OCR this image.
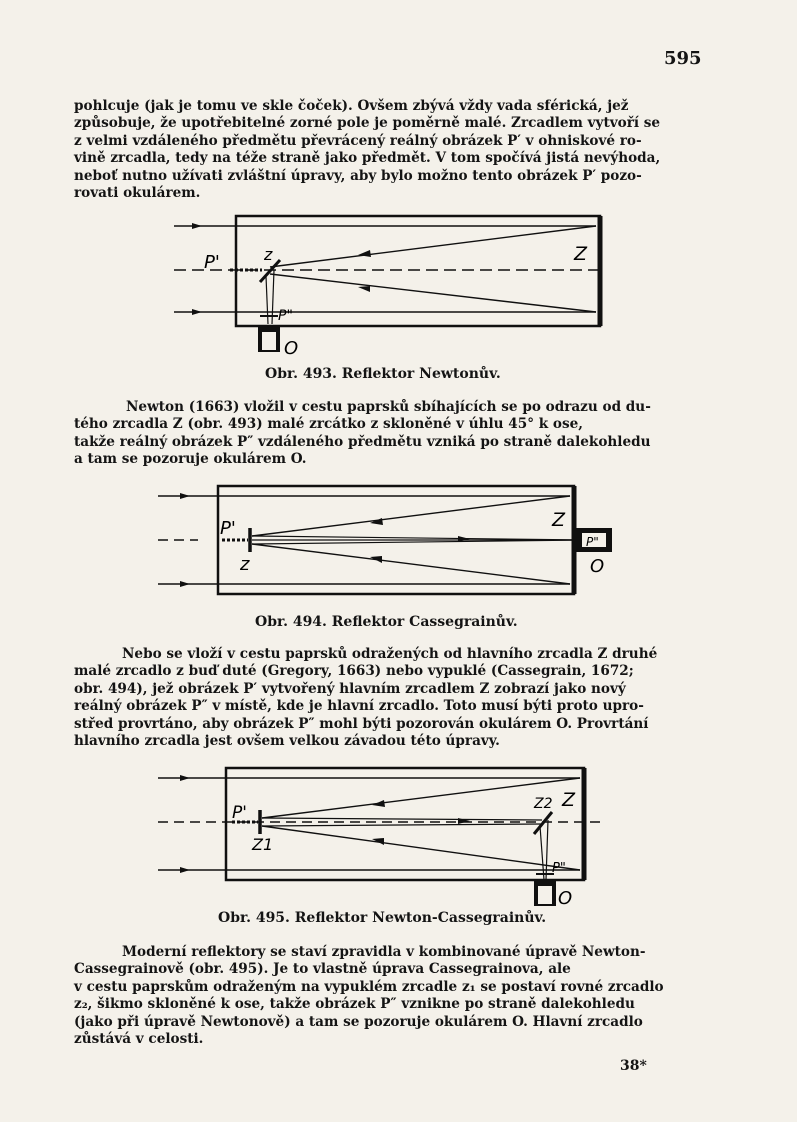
595

pohlcuje (jak je tomu ve skle čoček). Ovšem zbývá vždy vada sférická, jež
způsobuje, že upotřebitelné zorné pole je poměrně malé. Zrcadlem vytvoří se
z velmi vzdáleného předmětu převrácený reálný obrázek P′ v ohniskové ro-
vině zrcadla, tedy na téže straně jako předmět. V tom spočívá jistá nevýhoda,
neboť nutno užívati zvláštní úpravy, aby bylo možno tento obrázek P′ pozo-
rovati okulárem.

P'	z	Z
P"
O
Obr. 493. Reflektor Newtonův.

Newton (1663) vložil v cestu paprsků sbíhajících se po odrazu od du-
tého zrcadla Z (obr. 493) malé zrcátko z skloněné v úhlu 45° k ose,
takže reálný obrázek P″ vzdáleného předmětu vzniká po straně dalekohledu
a tam se pozoruje okulárem O.

P'
z
Z
P"
O
Obr. 494. Reflektor Cassegrainův.

Nebo se vloží v cestu paprsků odražených od hlavního zrcadla Z druhé
malé zrcadlo z buď duté (Gregory, 1663) nebo vypuklé (Cassegrain, 1672;
obr. 494), jež obrázek P′ vytvořený hlavním zrcadlem Z zobrazí jako nový
reálný obrázek P″ v místě, kde je hlavní zrcadlo. Toto musí býti proto upro-
střed provrtáno, aby obrázek P″ mohl býti pozorován okulárem O. Provrtání
hlavního zrcadla jest ovšem velkou závadou této úpravy.

P'
Z1
Z2 Z
P"
O
Obr. 495. Reflektor Newton-Cassegrainův.

Moderní reflektory se staví zpravidla v kombinované úpravě Newton-
Cassegrainově (obr. 495). Je to vlastně úprava Cassegrainova, ale
v cestu paprskům odraženým na vypuklém zrcadle z₁ se postaví rovné zrcadlo
z₂, šikmo skloněné k ose, takže obrázek P″ vznikne po straně dalekohledu
(jako při úpravě Newtonově) a tam se pozoruje okulárem O. Hlavní zrcadlo
zůstává v celosti.

38*
